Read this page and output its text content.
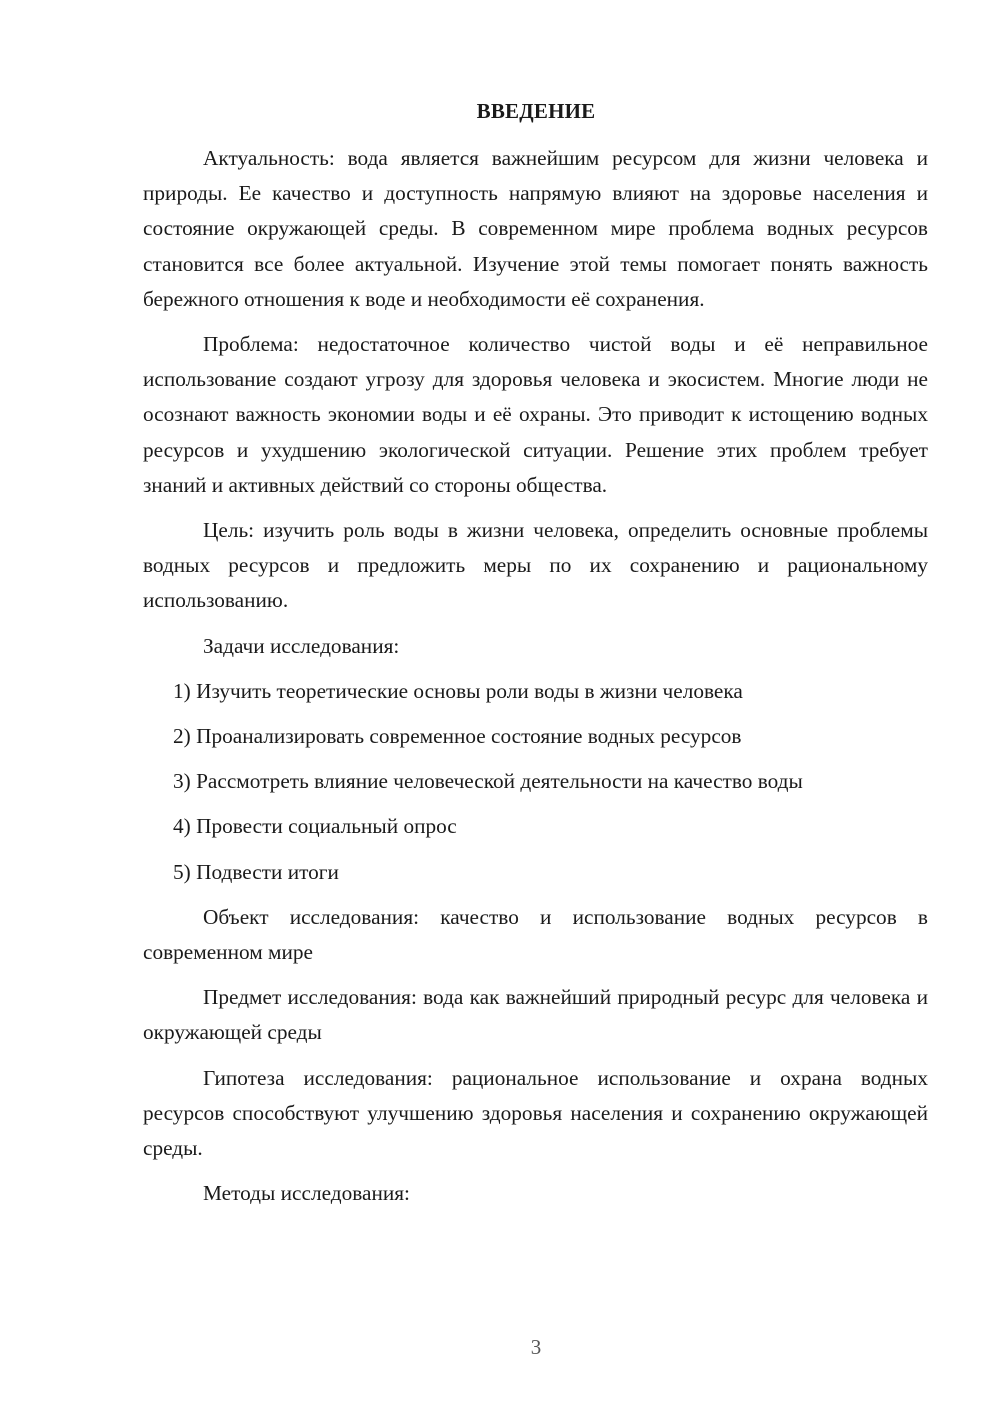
ВВЕДЕНИЕ

Актуальность: вода является важнейшим ресурсом для жизни человека и природы. Ее качество и доступность напрямую влияют на здоровье населения и состояние окружающей среды. В современном мире проблема водных ресурсов становится все более актуальной. Изучение этой темы помогает понять важность бережного отношения к воде и необходимости её сохранения.

Проблема: недостаточное количество чистой воды и её неправильное использование создают угрозу для здоровья человека и экосистем. Многие люди не осознают важность экономии воды и её охраны. Это приводит к истощению водных ресурсов и ухудшению экологической ситуации. Решение этих проблем требует знаний и активных действий со стороны общества.

Цель: изучить роль воды в жизни человека, определить основные проблемы водных ресурсов и предложить меры по их сохранению и рациональному использованию.

Задачи исследования:

1) Изучить теоретические основы роли воды в жизни человека
2) Проанализировать современное состояние водных ресурсов
3) Рассмотреть влияние человеческой деятельности на качество воды
4) Провести социальный опрос
5) Подвести итоги

Объект исследования: качество и использование водных ресурсов в современном мире

Предмет исследования: вода как важнейший природный ресурс для человека и окружающей среды

Гипотеза исследования: рациональное использование и охрана водных ресурсов способствуют улучшению здоровья населения и сохранению окружающей среды.

Методы исследования:

3
